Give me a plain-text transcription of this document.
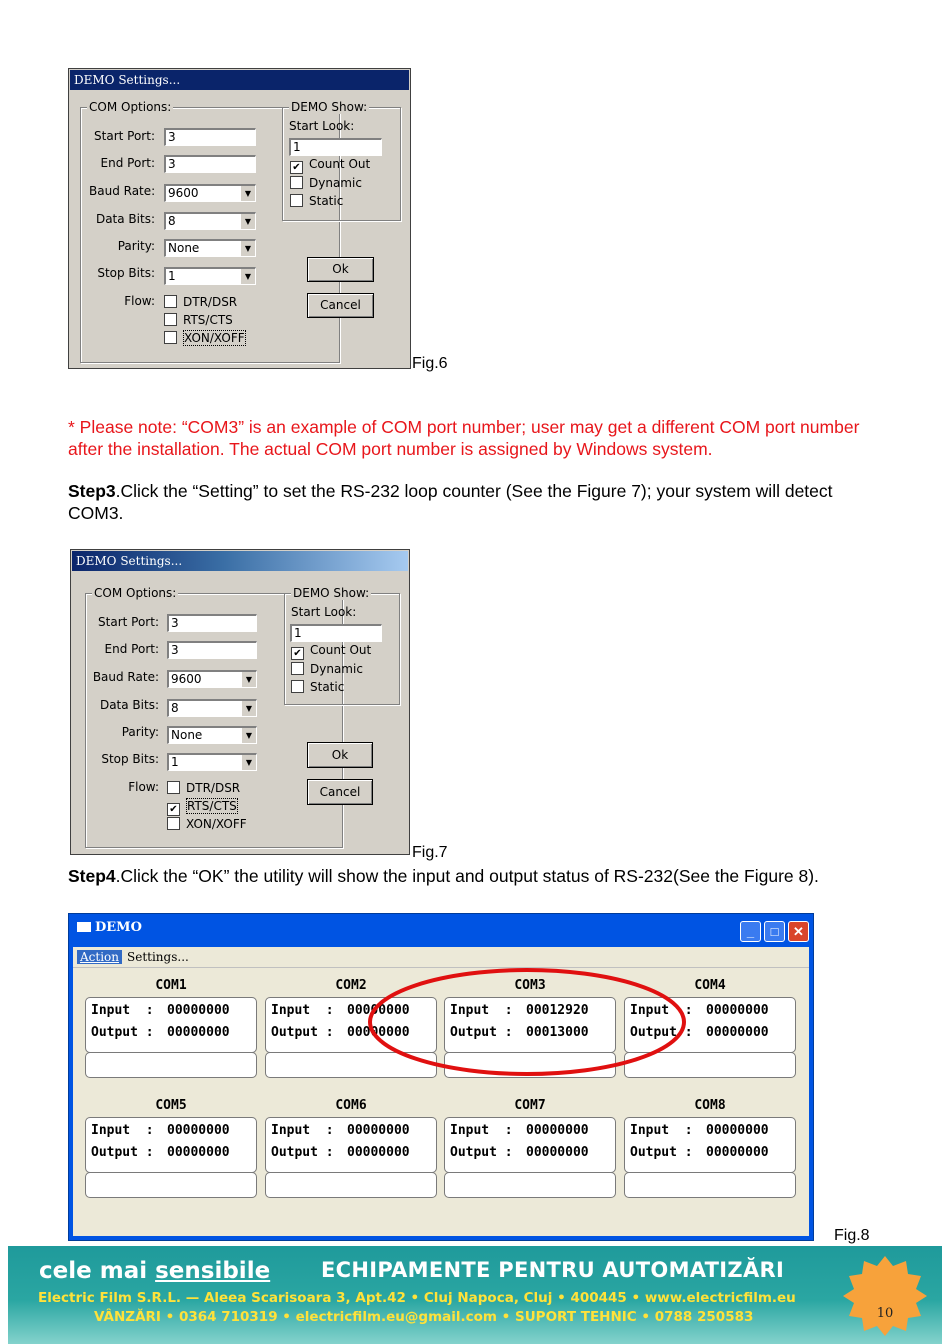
DEMO Settings...
COM Options:
Start Port:	3
End Port:	3
Baud Rate:	9600	▼
Data Bits:	8	▼
Parity:	None	▼
Stop Bits:	1	▼
Flow:	DTR/DSR
RTS/CTS
XON/XOFF
DEMO Show:
Start Look:
1
✔ Count Out
Dynamic
Static
Ok
Cancel
Fig.6
* Please note: “COM3” is an example of COM port number; user may get a different COM port number after the installation. The actual COM port number is assigned by Windows system.
Step3.Click the “Setting” to set the RS-232 loop counter (See the Figure 7); your system will detect COM3.
DEMO Settings...
COM Options:
Start Port:	3
End Port:	3
Baud Rate:	9600	▼
Data Bits:	8	▼
Parity:	None	▼
Stop Bits:	1	▼
Flow:	DTR/DSR
✔ RTS/CTS
XON/XOFF
DEMO Show:
Start Look:
1
✔ Count Out
Dynamic
Static
Ok
Cancel
Fig.7
Step4.Click the “OK” the utility will show the input and output status of RS-232(See the Figure 8).
DEMO	_	□	✕
Action Settings...
COM1
Input  : 00000000
Output : 00000000
COM2
Input  : 00000000
Output : 00000000
COM3
Input  : 00012920
Output : 00013000
COM4
Input  : 00000000
Output : 00000000
COM5
Input  : 00000000
Output : 00000000
COM6
Input  : 00000000
Output : 00000000
COM7
Input  : 00000000
Output : 00000000
COM8
Input  : 00000000
Output : 00000000
Fig.8
cele mai sensibile ECHIPAMENTE PENTRU AUTOMATIZĂRI
Electric Film S.R.L. — Aleea Scarisoara 3, Apt.42 • Cluj Napoca, Cluj • 400445 • www.electricfilm.eu
VÂNZĂRI • 0364 710319 • electricfilm.eu@gmail.com • SUPORT TEHNIC • 0788 250583	10
